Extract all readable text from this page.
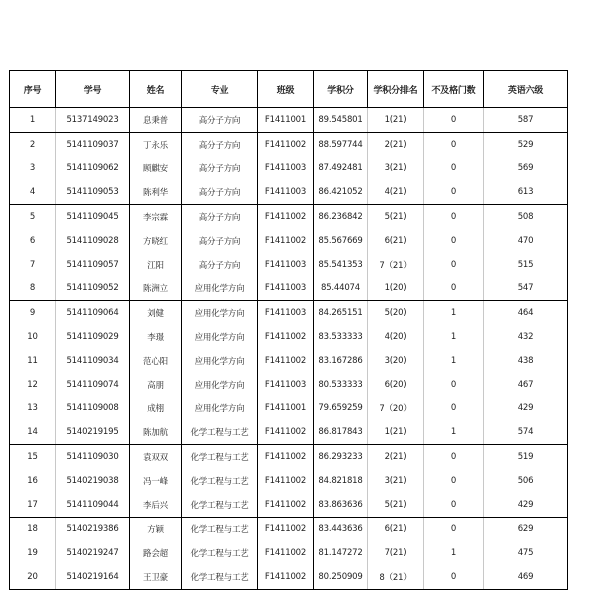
序号	学号	姓名	专业	班级	学积分	学积分排名	不及格门数	英语六级
1	5137149023	息秉普	高分子方向	F1411001	89.545801	1(21)	0	587
2	5141109037	丁永乐	高分子方向	F1411002	88.597744	2(21)	0	529
3	5141109062	顾麒安	高分子方向	F1411003	87.492481	3(21)	0	569
4	5141109053	陈利华	高分子方向	F1411003	86.421052	4(21)	0	613
5	5141109045	李宗霖	高分子方向	F1411002	86.236842	5(21)	0	508
6	5141109028	方晓红	高分子方向	F1411002	85.567669	6(21)	0	470
7	5141109057	江阳	高分子方向	F1411003	85.541353	7（21）	0	515
8	5141109052	陈洲立	应用化学方向	F1411003	85.44074	1(20)	0	547
9	5141109064	刘健	应用化学方向	F1411003	84.265151	5(20)	1	464
10	5141109029	李璟	应用化学方向	F1411002	83.533333	4(20)	1	432
11	5141109034	范心阳	应用化学方向	F1411002	83.167286	3(20)	1	438
12	5141109074	高朋	应用化学方向	F1411003	80.533333	6(20)	0	467
13	5141109008	成栩	应用化学方向	F1411001	79.659259	7（20）	0	429
14	5140219195	陈加航	化学工程与工艺	F1411002	86.817843	1(21)	1	574
15	5141109030	袁双双	化学工程与工艺	F1411002	86.293233	2(21)	0	519
16	5140219038	冯一峰	化学工程与工艺	F1411002	84.821818	3(21)	0	506
17	5141109044	李后兴	化学工程与工艺	F1411002	83.863636	5(21)	0	429
18	5140219386	方颖	化学工程与工艺	F1411002	83.443636	6(21)	0	629
19	5140219247	路会超	化学工程与工艺	F1411002	81.147272	7(21)	1	475
20	5140219164	王卫豪	化学工程与工艺	F1411002	80.250909	8（21）	0	469
